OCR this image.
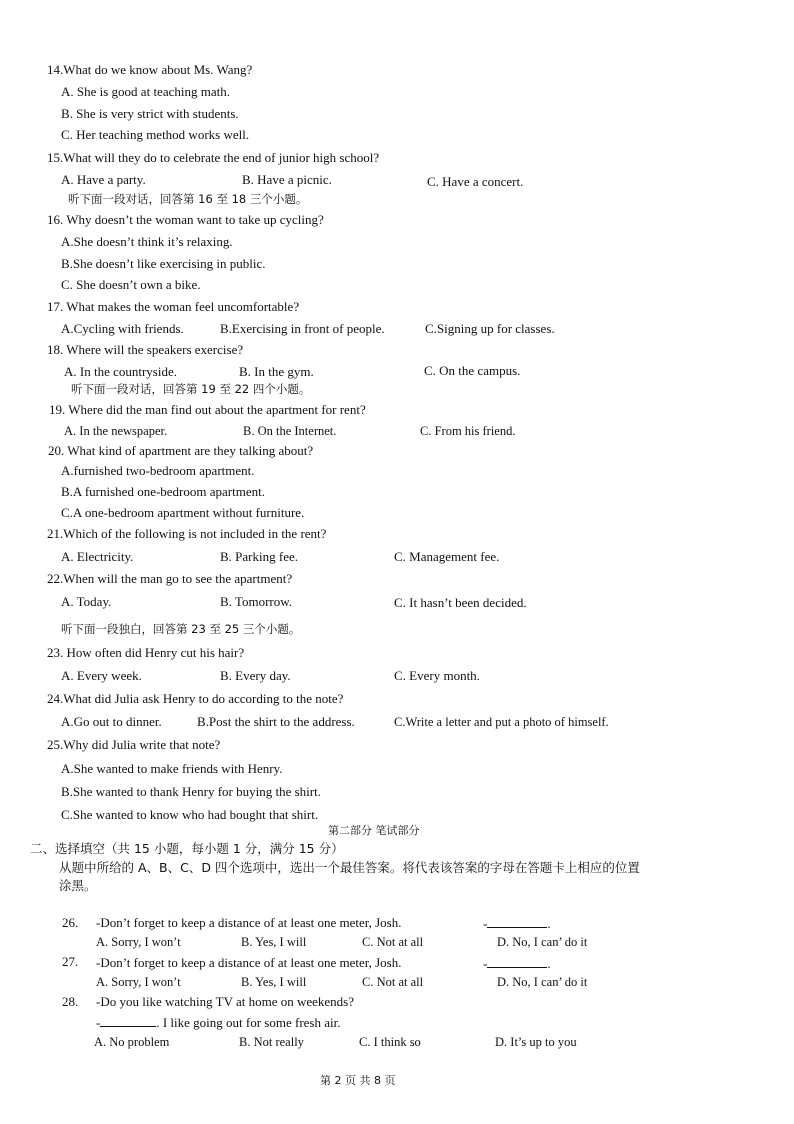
14.What do we know about Ms. Wang?
A. She is good at teaching math.
B. She is very strict with students.
C. Her teaching method works well.
15.What will they do to celebrate the end of junior high school?
A. Have a party.	B. Have a picnic.	C. Have a concert.
听下面一段对话，回答第 16 至 18 三个小题。
16. Why doesn’t the woman want to take up cycling?
A.She doesn’t think it’s relaxing.
B.She doesn’t like exercising in public.
C. She doesn’t own a bike.
17. What makes the woman feel uncomfortable?
A.Cycling with friends.	B.Exercising in front of people.	C.Signing up for classes.
18. Where will the speakers exercise?
A. In the countryside.	B. In the gym.	C. On the campus.
听下面一段对话，回答第 19 至 22 四个小题。
19. Where did the man find out about the apartment for rent?
A. In the newspaper.	B. On the Internet.	C. From his friend.
20. What kind of apartment are they talking about?
A.furnished two-bedroom apartment.
B.A furnished one-bedroom apartment.
C.A one-bedroom apartment without furniture.
21.Which of the following is not included in the rent?
A. Electricity.	B. Parking fee.	C. Management fee.
22.When will the man go to see the apartment?
A. Today.	B. Tomorrow.	C. It hasn’t been decided.
听下面一段独白，回答第 23 至 25 三个小题。
23. How often did Henry cut his hair?
A. Every week.	B. Every day.	C. Every month.
24.What did Julia ask Henry to do according to the note?
A.Go out to dinner.	B.Post the shirt to the address.	C.Write a letter and put a photo of himself.
25.Why did Julia write that note?
A.She wanted to make friends with Henry.
B.She wanted to thank Henry for buying the shirt.
C.She wanted to know who had bought that shirt.
第二部分 笔试部分
二、选择填空（共 15 小题，每小题 1 分，满分 15 分）
从题中所给的 A、B、C、D 四个选项中，选出一个最佳答案。将代表该答案的字母在答题卡上相应的位置
涂黑。
26. -Don’t forget to keep a distance of at least one meter, Josh.	-	.
A. Sorry, I won’t	B. Yes, I will	C. Not at all	D. No, I can’ do it
27. -Don’t forget to keep a distance of at least one meter, Josh.	-	.
A. Sorry, I won’t	B. Yes, I will	C. Not at all	D. No, I can’ do it
28. -Do you like watching TV at home on weekends?
-	. I like going out for some fresh air.
A. No problem	B. Not really	C. I think so	D. It’s up to you
第 2 页 共 8 页
